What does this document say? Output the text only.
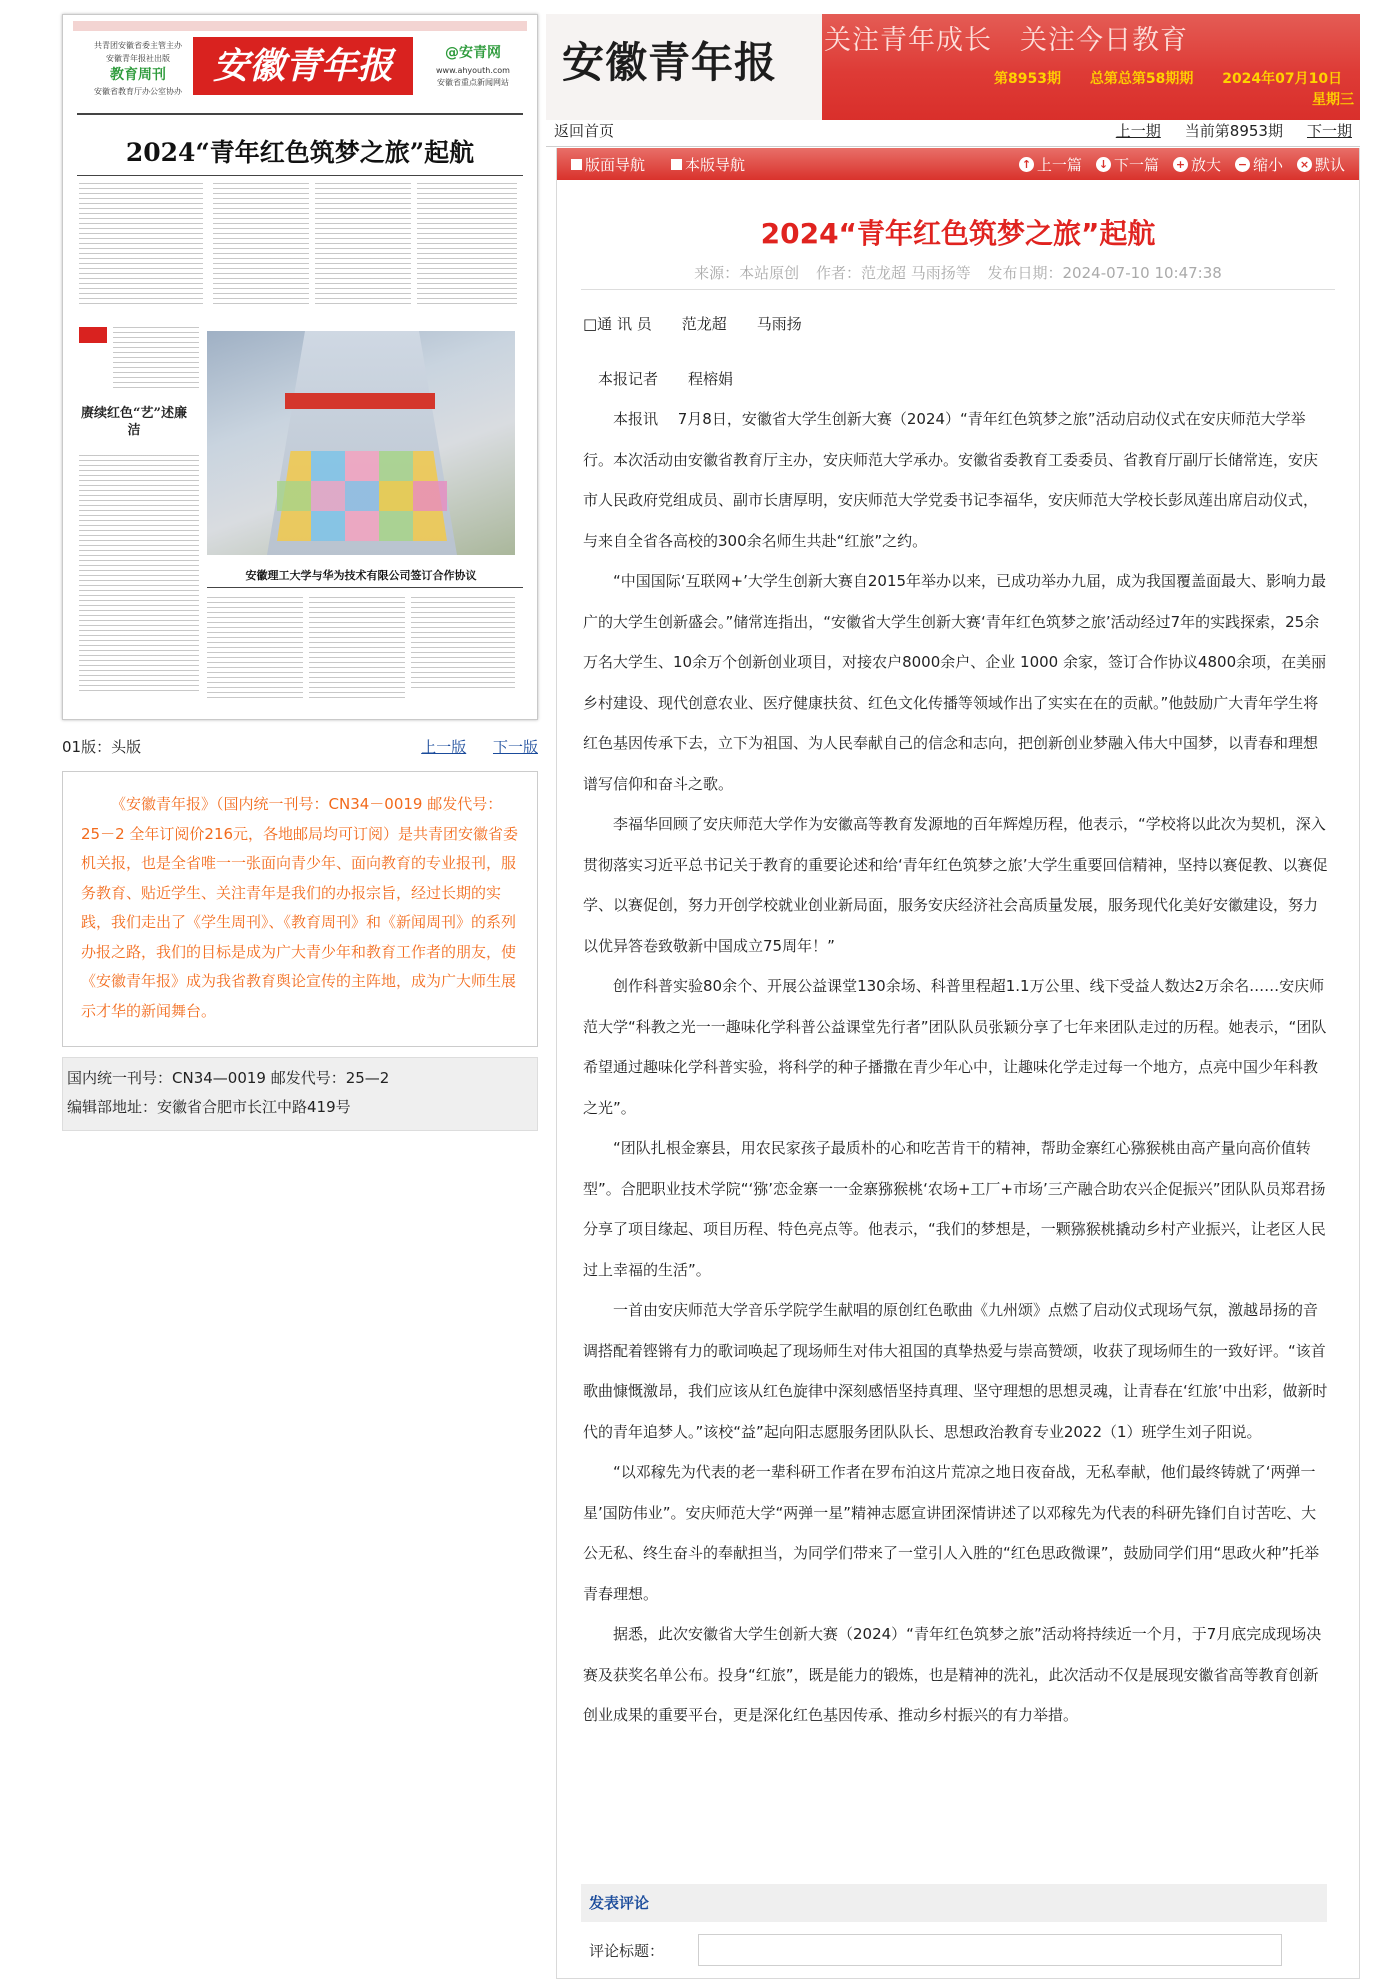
共青团安徽省委主管主办
安徽青年报社出版
教育周刊
安徽省教育厅办公室协办
安徽青年报	@安青网
www.ahyouth.com
安徽省重点新闻网站
2024“青年红色筑梦之旅”起航
赓续红色“艺”述廉洁
安徽理工大学与华为技术有限公司签订合作协议
01版：头版	上一版 下一版
《安徽青年报》（国内统一刊号：CN34－0019 邮发代号：25－2 全年订阅价216元，各地邮局均可订阅）是共青团安徽省委机关报，也是全省唯一一张面向青少年、面向教育的专业报刊，服务教育、贴近学生、关注青年是我们的办报宗旨，经过长期的实践，我们走出了《学生周刊》、《教育周刊》和《新闻周刊》的系列办报之路，我们的目标是成为广大青少年和教育工作者的朋友，使《安徽青年报》成为我省教育舆论宣传的主阵地，成为广大师生展示才华的新闻舞台。
国内统一刊号：CN34—0019 邮发代号：25—2
编辑部地址：安徽省合肥市长江中路419号
安徽青年报 关注青年成长　关注今日教育
第8953期 总第总第58期期 2024年07月10日
星期三
返回首页	上一期 当前第8953期 下一期
版面导航	本版导航	↑ 上一篇 ↓ 下一篇 + 放大 − 缩小 × 默认
2024“青年红色筑梦之旅”起航
来源：本站原创 作者：范龙超 马雨扬等 发布日期：2024-07-10 10:47:38

□通 讯 员　　范龙超　　马雨扬

本报记者　　程榕娟

本报讯　 7月8日，安徽省大学生创新大赛（2024）“青年红色筑梦之旅”活动启动仪式在安庆师范大学举行。本次活动由安徽省教育厅主办，安庆师范大学承办。安徽省委教育工委委员、省教育厅副厅长储常连，安庆市人民政府党组成员、副市长唐厚明，安庆师范大学党委书记李福华，安庆师范大学校长彭凤莲出席启动仪式，与来自全省各高校的300余名师生共赴“红旅”之约。

“中国国际‘互联网+’大学生创新大赛自2015年举办以来，已成功举办九届，成为我国覆盖面最大、影响力最广的大学生创新盛会。”储常连指出，“安徽省大学生创新大赛‘青年红色筑梦之旅’活动经过7年的实践探索，25余万名大学生、10余万个创新创业项目，对接农户8000余户、企业 1000 余家，签订合作协议4800余项，在美丽乡村建设、现代创意农业、医疗健康扶贫、红色文化传播等领域作出了实实在在的贡献。”他鼓励广大青年学生将红色基因传承下去，立下为祖国、为人民奉献自己的信念和志向，把创新创业梦融入伟大中国梦，以青春和理想谱写信仰和奋斗之歌。

李福华回顾了安庆师范大学作为安徽高等教育发源地的百年辉煌历程，他表示，“学校将以此次为契机，深入贯彻落实习近平总书记关于教育的重要论述和给‘青年红色筑梦之旅’大学生重要回信精神，坚持以赛促教、以赛促学、以赛促创，努力开创学校就业创业新局面，服务安庆经济社会高质量发展，服务现代化美好安徽建设，努力以优异答卷致敬新中国成立75周年！”

创作科普实验80余个、开展公益课堂130余场、科普里程超1.1万公里、线下受益人数达2万余名……安庆师范大学“科教之光一一趣味化学科普公益课堂先行者”团队队员张颖分享了七年来团队走过的历程。她表示，“团队希望通过趣味化学科普实验，将科学的种子播撒在青少年心中，让趣味化学走过每一个地方，点亮中国少年科教之光”。

“团队扎根金寨县，用农民家孩子最质朴的心和吃苦肯干的精神，帮助金寨红心猕猴桃由高产量向高价值转型”。合肥职业技术学院“‘猕’恋金寨一一金寨猕猴桃‘农场+工厂+市场’三产融合助农兴企促振兴”团队队员郑君扬分享了项目缘起、项目历程、特色亮点等。他表示，“我们的梦想是，一颗猕猴桃撬动乡村产业振兴，让老区人民过上幸福的生活”。

一首由安庆师范大学音乐学院学生献唱的原创红色歌曲《九州颂》点燃了启动仪式现场气氛，激越昂扬的音调搭配着铿锵有力的歌词唤起了现场师生对伟大祖国的真挚热爱与崇高赞颂，收获了现场师生的一致好评。“该首歌曲慷慨激昂，我们应该从红色旋律中深刻感悟坚持真理、坚守理想的思想灵魂，让青春在‘红旅’中出彩，做新时代的青年追梦人。”该校“益”起向阳志愿服务团队队长、思想政治教育专业2022（1）班学生刘子阳说。

“以邓稼先为代表的老一辈科研工作者在罗布泊这片荒凉之地日夜奋战，无私奉献，他们最终铸就了‘两弹一星’国防伟业”。安庆师范大学“两弹一星”精神志愿宣讲团深情讲述了以邓稼先为代表的科研先锋们自讨苦吃、大公无私、终生奋斗的奉献担当，为同学们带来了一堂引人入胜的“红色思政微课”，鼓励同学们用“思政火种”托举青春理想。

据悉，此次安徽省大学生创新大赛（2024）“青年红色筑梦之旅”活动将持续近一个月，于7月底完成现场决赛及获奖名单公布。投身“红旅”，既是能力的锻炼，也是精神的洗礼，此次活动不仅是展现安徽省高等教育创新创业成果的重要平台，更是深化红色基因传承、推动乡村振兴的有力举措。

发表评论
评论标题：
